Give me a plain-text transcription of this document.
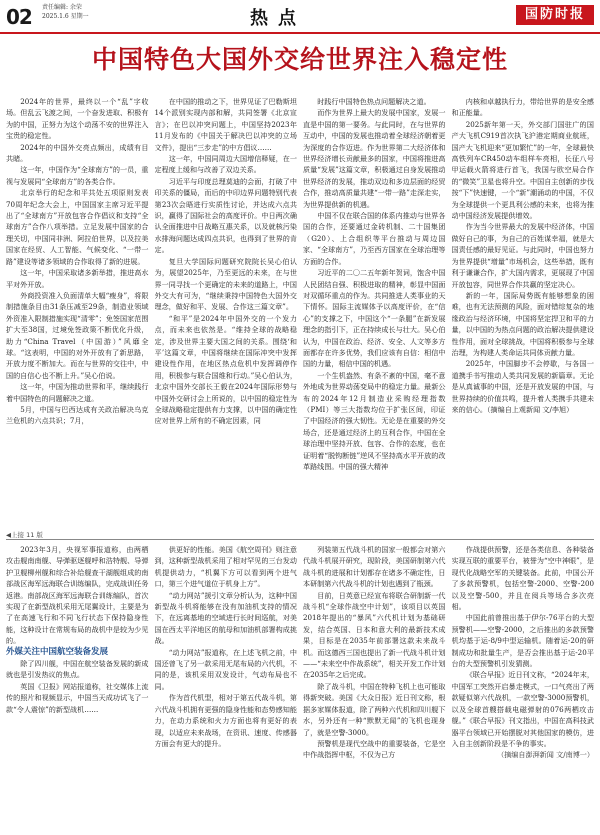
02 责任编辑: 余荣
2025.1.6 星期一	热点	国防时报
中国特色大国外交给世界注入稳定性

2024年的世界，最终以一个“乱”字收场。但乱云飞渡之间，一个奋发进取、积极有为的中国，正努力为这个动荡不安的世界注入宝贵的稳定性。

2024年的中国外交亮点频出，成绩有目共睹。

这一年，中国作为“全球南方”的一员，重视与发展同“全球南方”的各类合作。

北京举行的纪念和平共处五项原则发表70周年纪念大会上，中国国家主席习近平提出了“全球南方”开放包容合作倡议和支持“全球南方”合作八项举措。立足发展中国家的合理关切，中国同非洲、阿拉伯世界，以及拉美国家在经贸、人工智能、气候变化、“一带一路”建设等诸多领域的合作取得了新的进展。

这一年，中国采取诸多新举措，推进高水平对外开放。

外商投资准入负面清单大幅“瘦身”，将限制措施条目由31条压减至29条，制造业领域外资准入限制措施实现“清零”；免签国家范围扩大至38国，过境免签政策不断优化升级，助力“China Travel（中国游）”风靡全球。“这表明，中国的对外开放有了新思路，开放力度不断加大。而在与世界的交往中，中国的自信心也不断上升。”吴心伯说。

这一年，中国为推动世界和平，继续践行着中国特色的问题解决之道。

5月，中国与巴西达成有关政治解决乌克兰危机的六点共识；7月，

在中国的推动之下，世界见证了巴勒斯坦14个派别实现内部和解，共同签署《北京宣言》；在巴以冲突问题上，中国坚持2023年11月发布的《中国关于解决巴以冲突的立场文件》，提出“三步走”的中方倡议……

这一年，中国同周边大国增信释疑，在一定程度上缓和与改善了双边关系。

习近平与印度总理莫迪的会面，打破了中印关系的僵局，而后的中印边界问题特别代表第23次会晤进行实质性讨论，并达成六点共识，赢得了国际社会的高度评价。中日两次确认全面推进中日战略互惠关系，以及就核污染水排海问题达成四点共识，也得到了世界的肯定。

复旦大学国际问题研究院院长吴心伯认为，展望2025年，乃至更远的未来，在与世界一同寻找一个更确定的未来的道路上，中国外交大有可为，“继续秉持中国特色大国外交理念，做好和平、发展、合作这三篇文章”。

“和平”是2024年中国外交的一个发力点，而未来也依然是。“维持全球的战略稳定，涉及世界主要大国之间的关系。围绕‘和平’这篇文章，中国将继续在国际冲突中发挥建设性作用，在地区热点危机中发挥调停作用，积极参与联合国维和行动。”吴心伯认为，北京中国外交部长王毅在2024年国际形势与中国外交研讨会上所说的，以中国的稳定性为全球战略稳定提供有力支撑，以中国的确定性应对世界上所有的不确定因素，同

时践行中国特色热点问题解决之道。

而作为世界上最大的发展中国家，发展一直是中国的第一要务。与此同时，在与世界的互动中，中国的发展也推动着全球经济朝着更为深度的合作迈进。作为世界第二大经济体和世界经济增长贡献最多的国家，中国将推进高质量“发展”这篇文章，积极通过自身发展推动世界经济的发展，推动双边和多边层面的经贸合作，推动高质量共建“一带一路”走深走实，为世界提供新的机遇。

中国不仅在联合国的体系内推动与世界各国的合作，还要通过金砖机制、二十国集团（G20）、上合组织等平台推动与周边国家、“全球南方”，乃至西方国家在全球治理等方面的合作。

习近平的二〇二五年新年贺词，饱含中国人民团结自强、积极进取的精神，彰显中国面对双循环重点的作为。共同推进人类事业的天下情怀。国际主流媒体予以高度评价，在“信心”的支撑之下，中国这个“一条腿”在新发展理念的指引下，正在持续成长与壮大。吴心伯认为，中国在政治、经济、安全、人文等多方面都存在许多优势，我们应该有自信：相信中国的力量，相信中国的机遇。

一个生机盎然、有条不紊的中国，毫不意外地成为世界动荡变局中的稳定力量。最新公布的2024年12月制造业采购经理指数（PMI）等三大指数均位于扩张区间，印证了中国经济的强大韧性。无论是在重要的外交场合，还是通过经济上的互利合作，中国在全球治理中坚持开放、包容、合作的态度，也在证明着“脱钩断链”逆风不坚持高水平开放的改革路线图。中国的强大精神

内核和卓越执行力，带给世界的是安全感和正能量。

2025新年第一天，外交部门国驻广的国产大飞机C919首次执飞沪港定期商业航班，国产大飞机迎来“更加繁忙”的一年，全球最快高铁列车CR450动车组样车亮相，长征八号甲运载火箭将进行首飞，我国与欧空局合作的“微笑”卫星也将升空。中国自主创新的步伐按“下”快速键，一个“新”潮涌动的中国，不仅为全球提供一个更具利公感的未来，也将为推动中国经济发展提供增效。

作为当今世界最大的发展中经济体，中国做好自己的事，为自己的百姓谋幸福，就是大国责任感的最好见证。与此同时，中国也努力为世界提供“增量”市场机会，这些举措，既有利于谦谦合作，扩大国内需求，更展现了中国开放包容，同世界合作共赢的坚定决心。

新的一年，国际局势既有能够想象的困难，也有无法预测的风险，面对错综复杂的地缘政治与经济环境，中国将坚定捍卫和平的力量，以中国的为热点问题的政治解决提供建设性作用，面对全球挑战，中国将积极参与全球治理，为构建人类命运共同体贡献力量。

2025年，中国脚步不会停歇，与各国一道携手书写推动人类共同发展的新篇章。无论是从真诚事的中国，还是开放发展的中国，与世界持续的价值共鸣，提升着人类携手共建未来的信心。（摘编自上观新闻 文/李旭）

◀上接 11 版

2023年3月，央视军事报道称，由两栖攻击舰南南舰、导弹驱逐舰呼和浩特舰、导弹护卫舰柳州舰和综合补给舰查干湖舰组成的南部战区海军远海联合训练编队，完成战训任务返港。南部战区海军远海联合训练编队，首次实现了在新型战机采用无尾翼设计，主要是为了在高速飞行和不同飞行状态下保持隐身性能，这种设计在常规布局的战机中是较为少见的。

外媒关注中国航空装备发展

除了四川舰，中国在航空装备发展的新成就也是引发热议的焦点。

英国《卫报》网站报道称，社交媒体上流传的照片和视频显示，中国当天成功试飞了一款“令人震惊”的新型战机……

供更好的性能。美国《航空周刊》则注意到，这种新型战机采用了相对罕见的三台发动机提供动力，“机翼下方可以看到两个进气口，第三个进气道位于机身上方”。

“动力网站”援引文章分析认为，这种中国新型战斗机将能够在没有加油机支持的情况下，在远离基地的空域进行长时间巡航，对美国在西太平洋地区的航母和加油机部署构成挑战。

“动力网站”报道称，在上述飞机之前，中国还曾飞了另一款采用无尾布局的六代机，不同的是，该机采用双发设计，气动布局也不同。

作为首代机型，相对于第五代战斗机，第六代战斗机拥有更强的隐身性能和态势感知能力，在动力系统和火力方面也将有更好的表现，以适应未来战场，在资讯、速度、传感器方面会有更大的提升。

列装第五代战斗机的国家一般都会对第六代战斗机展开研究，现阶段，美国研制第六代战斗机的进展和计划都存在诸多不确定性，日本研制第六代战斗机的计划也遇到了瓶颈。

目前，日英意已经宣布将联合研制新一代战斗机“全球作战空中计划”，该项目以英国2018年提出的“暴风”六代机计划为基础研发，结合英国、日本和意大利的最新技术成果，目标是在2035年前部署这款未来战斗机。而这德西三国也提出了新一代战斗机计划——“未来空中作战系统”，相关开发工作计划在2035年之后完成。

除了战斗机，中国在特种飞机上也可能取得新突破。美国《大众日报》近日刊文称，根据多家媒体报道，除了两种六代机和四川舰下水，另外还有一种“默默无闻”的飞机也现身了，就是空警-3000。

预警机是现代空战中的重要装备，它是空中作战指挥中枢，不仅为己方

作战提供预警，还是各类信息、各种装备实现互联的重要平台，被誉为“空中神眼”，是现代化战略空军的关键装备。此前，中国公开了多款预警机，包括空警-2000、空警-200以及空警-500，并且在阅兵等场合多次亮相。

中国此前曾推出基于伊尔-76平台的大型预警机——空警-2000，之后推出的多款预警机均基于运-8/9中型运输机。随着运-20的研制成功和批量生产，是否会推出基于运-20平台的大型预警机引发猜测。

《联合早报》近日刊文称，“2024年末，中国军工突然开启暴走模式，一口气亮出了两款疑似第六代战机，一款空警-3000预警机，以及全球首艘搭载电磁弹射的076两栖攻击舰。”《联合早报》刊文指出，中国在高科技武器平台领域已开始摆脱对其他国家的模仿，进入自主创新阶段是不争的事实。

（摘编自澎湃新闻 文/南博一）
